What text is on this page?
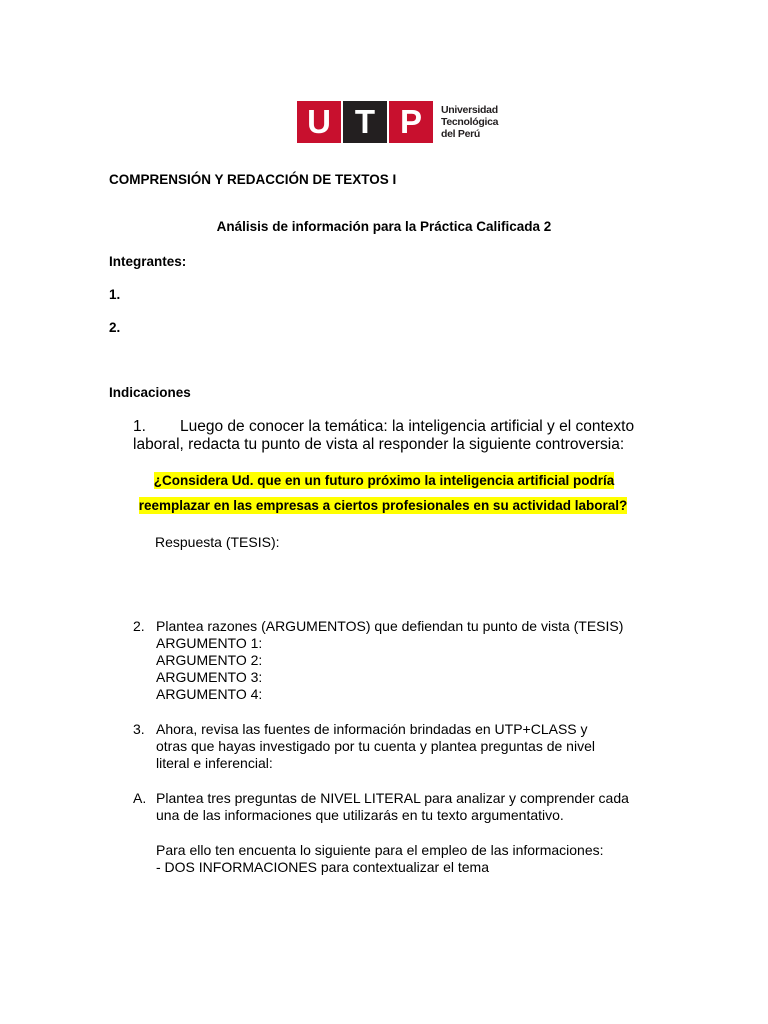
U T P	Universidad
Tecnológica
del Perú
COMPRENSIÓN Y REDACCIÓN DE TEXTOS I
Análisis de información para la Práctica Calificada 2
Integrantes:
1.
2.
Indicaciones
1. Luego de conocer la temática: la inteligencia artificial y el contexto
laboral, redacta tu punto de vista al responder la siguiente controversia:
¿Considera Ud. que en un futuro próximo la inteligencia artificial podría
reemplazar en las empresas a ciertos profesionales en su actividad laboral?
Respuesta (TESIS):
2. Plantea razones (ARGUMENTOS) que defiendan tu punto de vista (TESIS)
ARGUMENTO 1:
ARGUMENTO 2:
ARGUMENTO 3:
ARGUMENTO 4:
3. Ahora, revisa las fuentes de información brindadas en UTP+CLASS y
otras que hayas investigado por tu cuenta y plantea preguntas de nivel
literal e inferencial:
A. Plantea tres preguntas de NIVEL LITERAL para analizar y comprender cada
una de las informaciones que utilizarás en tu texto argumentativo.
Para ello ten encuenta lo siguiente para el empleo de las informaciones:
- DOS INFORMACIONES para contextualizar el tema
